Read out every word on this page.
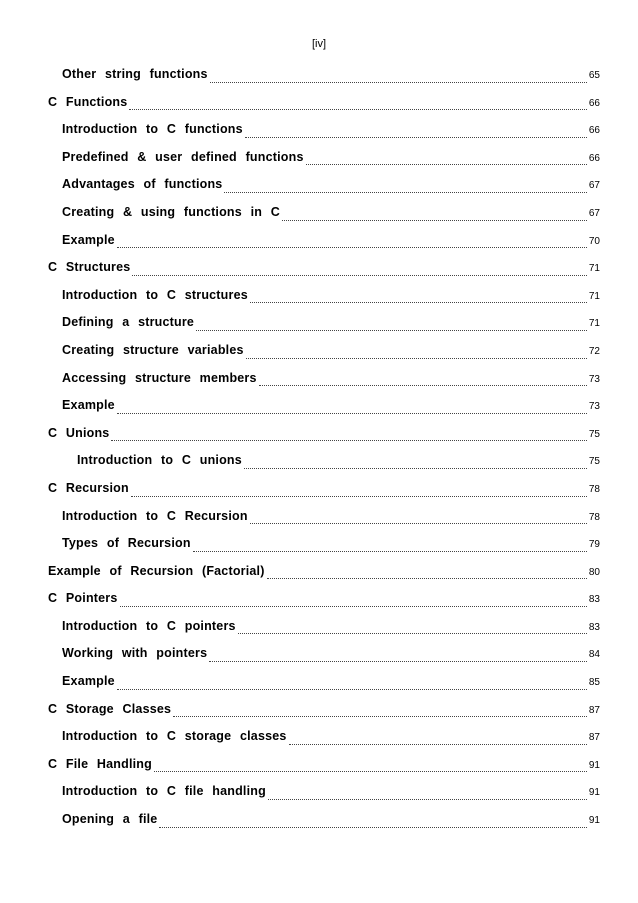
[iv]
Other string functions	65
C Functions	66
Introduction to C functions	66
Predefined & user defined functions	66
Advantages of functions	67
Creating & using functions in C	67
Example	70
C Structures	71
Introduction to C structures	71
Defining a structure	71
Creating structure variables	72
Accessing structure members	73
Example	73
C Unions	75
Introduction to C unions	75
C Recursion	78
Introduction to C Recursion	78
Types of Recursion	79
Example of Recursion (Factorial)	80
C Pointers	83
Introduction to C pointers	83
Working with pointers	84
Example	85
C Storage Classes	87
Introduction to C storage classes	87
C File Handling	91
Introduction to C file handling	91
Opening a file	91
